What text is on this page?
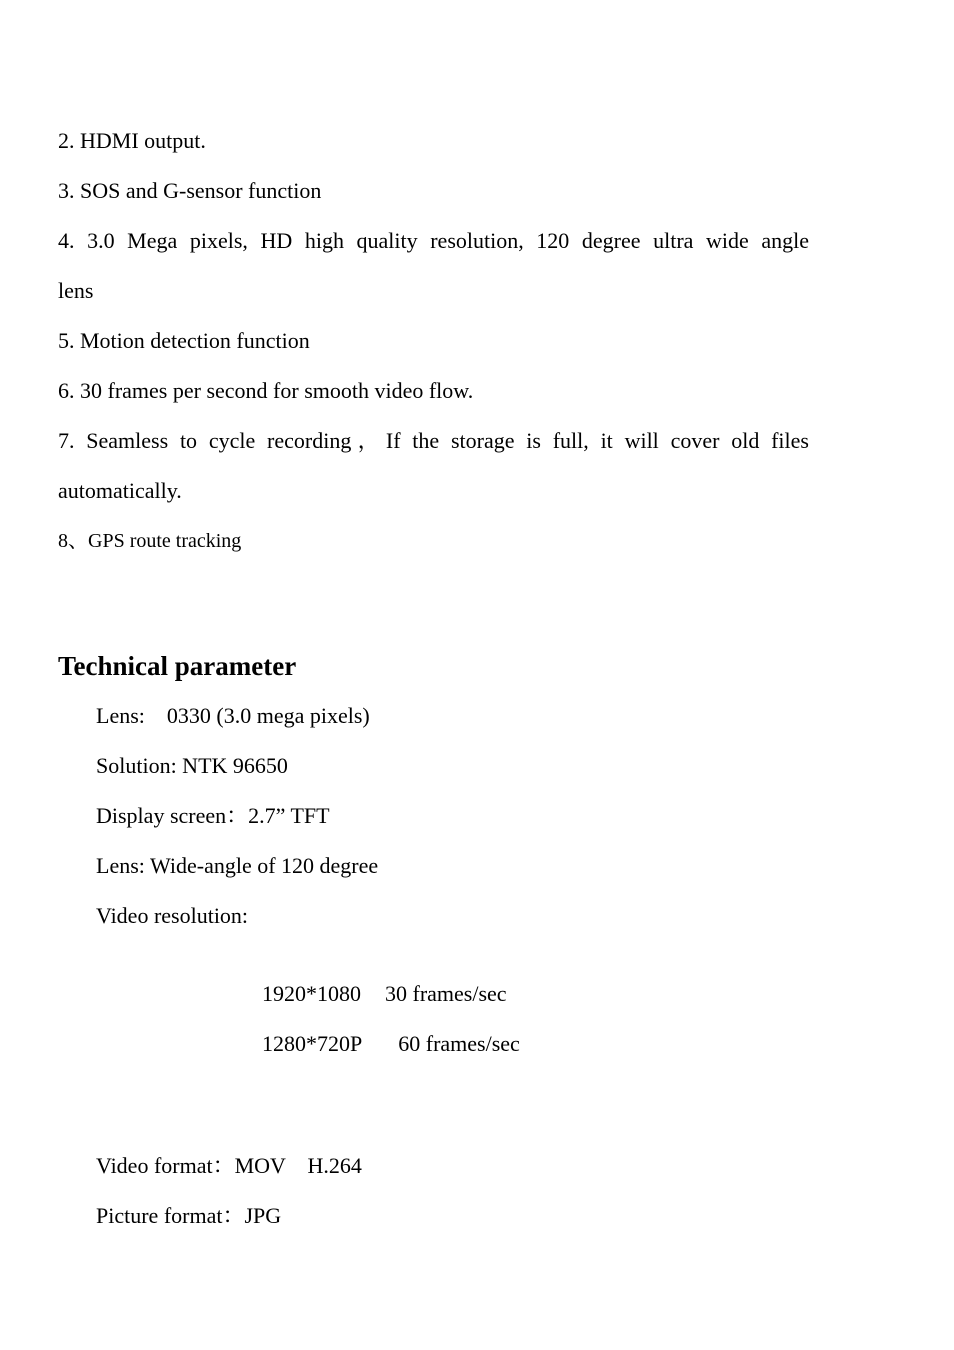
2. HDMI output.
3. SOS and G-sensor function
4. 3.0 Mega pixels, HD high quality resolution, 120 degree ultra wide angle
lens
5. Motion detection function
6. 30 frames per second for smooth video flow.
7. Seamless to cycle recording，If the storage is full, it will cover old files
automatically.
8、GPS route tracking
Technical parameter
Lens:    0330 (3.0 mega pixels)
Solution: NTK 96650
Display screen：2.7” TFT
Lens: Wide-angle of 120 degree
Video resolution:

1920*1080 30 frames/sec

1280*720P 60 frames/sec

Video format：MOV    H.264
Picture format：JPG
